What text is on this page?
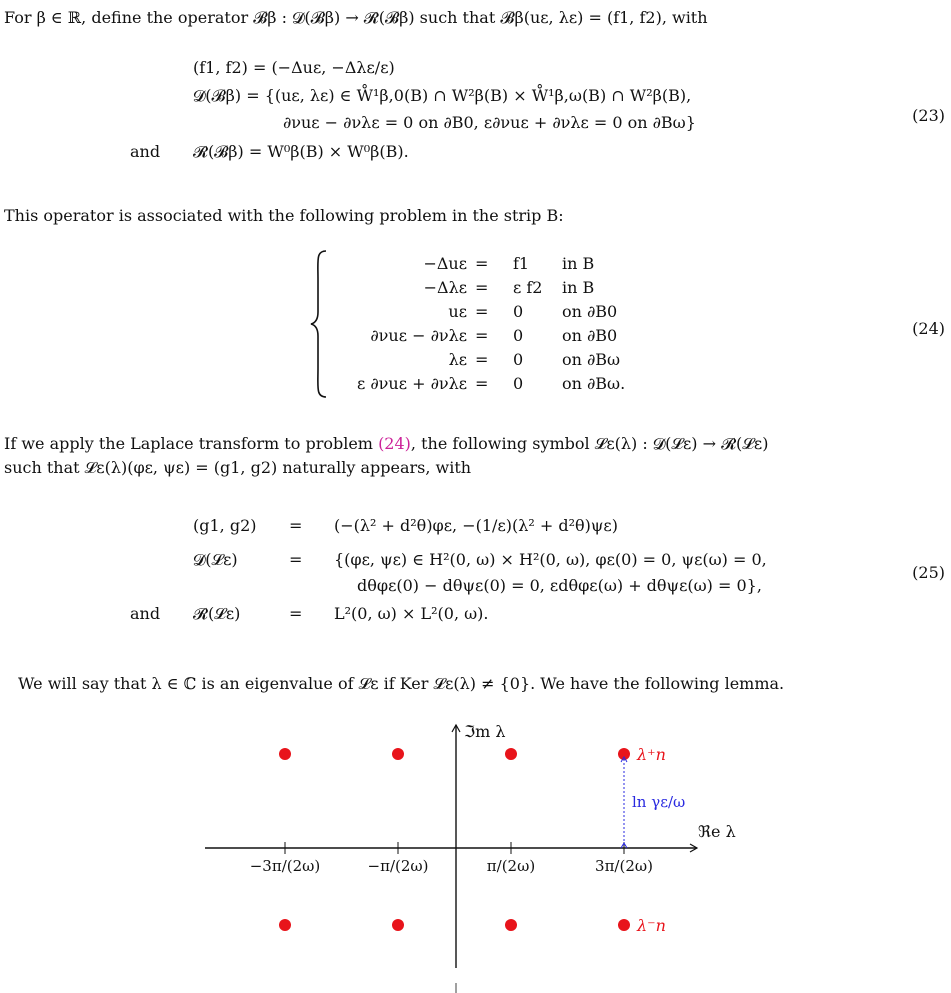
For β ∈ ℝ, define the operator 𝓑β : 𝓓(𝓑β) → 𝓡(𝓑β) such that 𝓑β(uε, λε) = (f1, f2), with
(f1, f2) = (−Δuε, −Δλε/ε)
𝓓(𝓑β) = {(uε, λε) ∈ W̊¹β,0(B) ∩ W²β(B) × W̊¹β,ω(B) ∩ W²β(B),
∂νuε − ∂νλε = 0 on ∂B0, ε∂νuε + ∂νλε = 0 on ∂Bω}
and 𝓡(𝓑β) = W⁰β(B) × W⁰β(B).
(23)
This operator is associated with the following problem in the strip B:
−Δuε = f1 in B
−Δλε = ε f2 in B
uε = 0 on ∂B0
∂νuε − ∂νλε = 0 on ∂B0
λε = 0 on ∂Bω
ε ∂νuε + ∂νλε = 0 on ∂Bω.
(24)
If we apply the Laplace transform to problem (24), the following symbol 𝓛ε(λ) : 𝓓(𝓛ε) → 𝓡(𝓛ε)
such that 𝓛ε(λ)(φε, ψε) = (g1, g2) naturally appears, with
(g1, g2) = (−(λ² + d²θ)φε, −(1/ε)(λ² + d²θ)ψε)
𝓓(𝓛ε)	= {(φε, ψε) ∈ H²(0, ω) × H²(0, ω), φε(0) = 0, ψε(ω) = 0,
dθφε(0) − dθψε(0) = 0, εdθφε(ω) + dθψε(ω) = 0},
and 𝓡(𝓛ε)	= L²(0, ω) × L²(0, ω).
(25)
We will say that λ ∈ ℂ is an eigenvalue of 𝓛ε if Ker 𝓛ε(λ) ≠ {0}. We have the following lemma.
ℑm λ
ℜe λ
−3π/(2ω)	−π/(2ω)	π/(2ω)	3π/(2ω)
λ⁺n
λ⁻n
ln γε/ω
